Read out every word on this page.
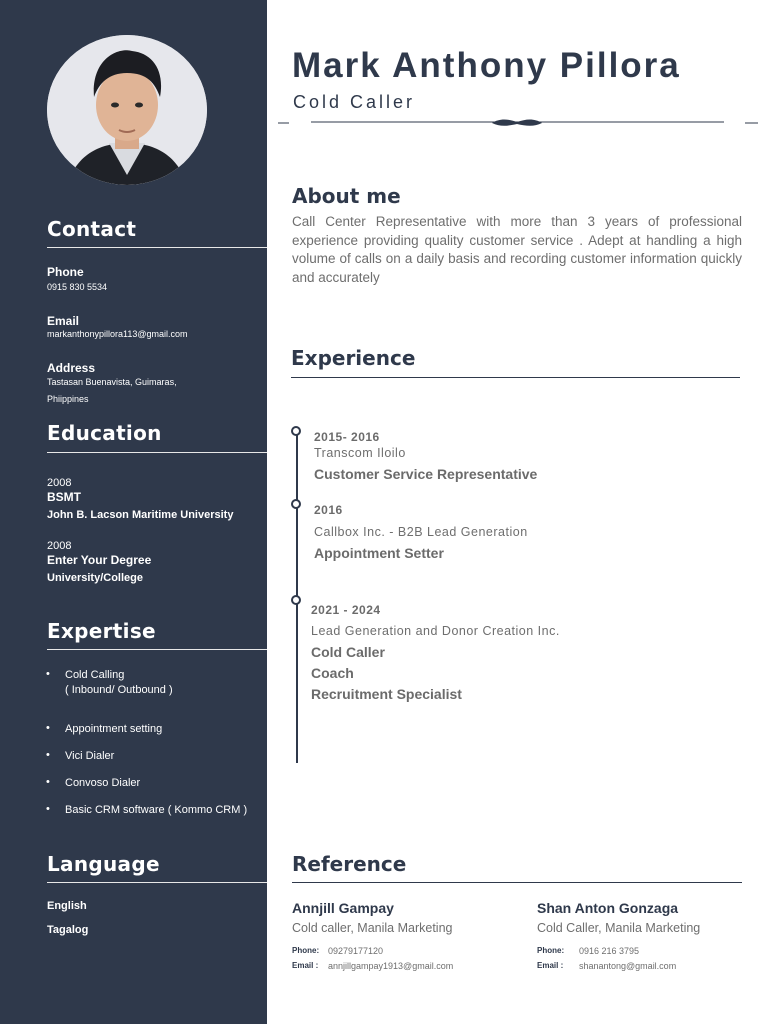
Contact
Phone
0915 830 5534
Email
markanthonypillora113@gmail.com
Address
Tastasan Buenavista, Guimaras,
Phiippines
Education
2008
BSMT
John B. Lacson Maritime University
2008
Enter Your Degree
University/College
Expertise
• Cold Calling
( Inbound/ Outbound )
• Appointment setting
• Vici Dialer
• Convoso Dialer
• Basic CRM software ( Kommo CRM )
Language
English
Tagalog
Mark Anthony Pillora
Cold Caller
About me
Call Center Representative with more than 3 years of professional experience providing quality customer service . Adept at handling a high volume of calls on a daily basis and recording customer information quickly and accurately
Experience
2015- 2016
Transcom Iloilo
Customer Service Representative
2016
Callbox Inc. - B2B Lead Generation
Appointment Setter
2021 - 2024
Lead Generation and Donor Creation Inc.
Cold Caller
Coach
Recruitment Specialist
Reference
Annjill Gampay
Cold caller, Manila Marketing
Phone: 09279177120
Email : annjillgampay1913@gmail.com
Shan Anton Gonzaga
Cold Caller, Manila Marketing
Phone: 0916 216 3795
Email : shanantong@gmail.com
